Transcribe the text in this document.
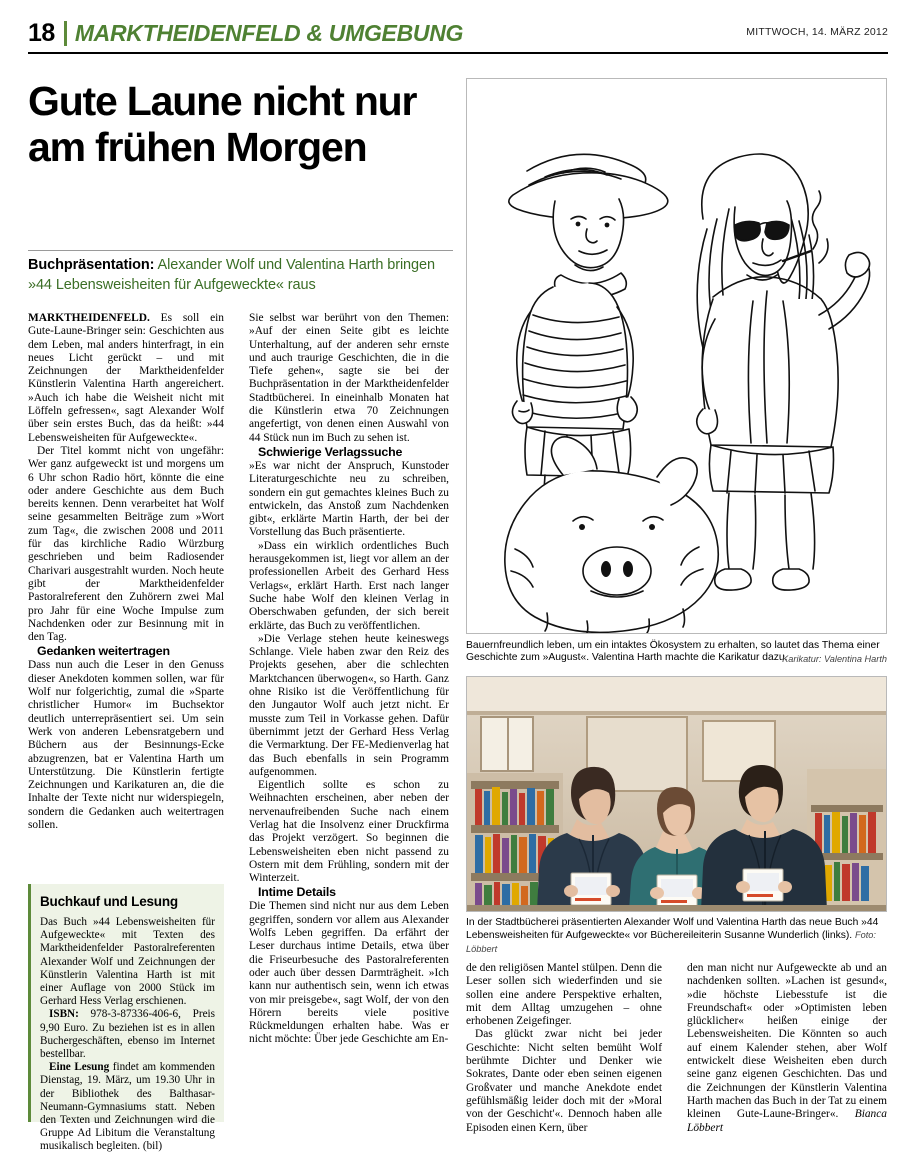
18 MARKTHEIDENFELD & UMGEBUNG	MITTWOCH, 14. MÄRZ 2012
Gute Laune nicht nur am frühen Morgen
Buchpräsentation: Alexander Wolf und Valentina Harth bringen »44 Lebensweisheiten für Aufgeweckte« raus

MARKTHEIDENFELD. Es soll ein Gute-Laune-Bringer sein: Geschichten aus dem Leben, mal anders hinterfragt, in ein neues Licht gerückt – und mit Zeichnungen der Marktheidenfelder Künstlerin Valentina Harth angereichert. »Auch ich habe die Weisheit nicht mit Löffeln gefressen«, sagt Alexander Wolf über sein erstes Buch, das da heißt: »44 Lebensweisheiten für Aufgeweckte«.

Der Titel kommt nicht von ungefähr: Wer ganz aufgeweckt ist und morgens um 6 Uhr schon Radio hört, könnte die eine oder andere Geschichte aus dem Buch bereits kennen. Denn verarbeitet hat Wolf seine gesammelten Beiträge zum »Wort zum Tag«, die zwischen 2008 und 2011 für das kirchliche Radio Würzburg geschrieben und beim Radiosender Charivari ausgestrahlt wurden. Noch heute gibt der Marktheidenfelder Pastoralreferent den Zuhörern zwei Mal pro Jahr für eine Woche Impulse zum Nachdenken oder zur Besinnung mit in den Tag.

Gedanken weitertragen

Dass nun auch die Leser in den Genuss dieser Anekdoten kommen sollen, war für Wolf nur folgerichtig, zumal die »Sparte christlicher Humor« im Buchsektor deutlich unterrepräsentiert sei. Um sein Werk von anderen Lebensratgebern und Büchern aus der Besinnungs-Ecke abzugrenzen, bat er Valentina Harth um Unterstützung. Die Künstlerin fertigte Zeichnungen und Karikaturen an, die die Inhalte der Texte nicht nur widerspiegeln, sondern die Gedanken auch weitertragen sollen.

Sie selbst war berührt von den Themen: »Auf der einen Seite gibt es leichte Unterhaltung, auf der anderen sehr ernste und auch traurige Geschichten, die in die Tiefe gehen«, sagte sie bei der Buchpräsentation in der Marktheidenfelder Stadtbücherei. In eineinhalb Monaten hat die Künstlerin etwa 70 Zeichnungen angefertigt, von denen einen Auswahl von 44 Stück nun im Buch zu sehen ist.

Schwierige Verlagssuche

»Es war nicht der Anspruch, Kunstoder Literaturgeschichte neu zu schreiben, sondern ein gut gemachtes kleines Buch zu entwickeln, das Anstoß zum Nachdenken gibt«, erklärte Martin Harth, der bei der Vorstellung das Buch präsentierte.

»Dass ein wirklich ordentliches Buch herausgekommen ist, liegt vor allem an der professionellen Arbeit des Gerhard Hess Verlags«, erklärt Harth. Erst nach langer Suche habe Wolf den kleinen Verlag in Oberschwaben gefunden, der sich bereit erklärte, das Buch zu veröffentlichen.

»Die Verlage stehen heute keineswegs Schlange. Viele haben zwar den Reiz des Projekts gesehen, aber die schlechten Marktchancen überwogen«, so Harth. Ganz ohne Risiko ist die Veröffentlichung für den Jungautor Wolf auch jetzt nicht. Er musste zum Teil in Vorkasse gehen. Dafür übernimmt jetzt der Gerhard Hess Verlag die Vermarktung. Der FE-Medienverlag hat das Buch ebenfalls in sein Programm aufgenommen.

Eigentlich sollte es schon zu Weihnachten erscheinen, aber neben der nervenaufreibenden Suche nach einem Verlag hat die Insolvenz einer Druckfirma das Projekt verzögert. So beginnen die Lebensweisheiten eben nicht passend zu Ostern mit dem Frühling, sondern mit der Winterzeit.

Intime Details

Die Themen sind nicht nur aus dem Leben gegriffen, sondern vor allem aus Alexander Wolfs Leben gegriffen. Da erfährt der Leser durchaus intime Details, etwa über die Friseurbesuche des Pastoralreferenten oder auch über dessen Darmträgheit. »Ich kann nur authentisch sein, wenn ich etwas von mir preisgebe«, sagt Wolf, der von den Hörern bereits viele positive Rückmeldungen erhalten habe. Was er nicht möchte: Über jede Geschichte am En-

de den religiösen Mantel stülpen. Denn die Leser sollen sich wiederfinden und sie sollen eine andere Perspektive erhalten, mit dem Alltag umzugehen – ohne erhobenen Zeigefinger.

Das glückt zwar nicht bei jeder Geschichte: Nicht selten bemüht Wolf berühmte Dichter und Denker wie Sokrates, Dante oder eben seinen eigenen Großvater und manche Anekdote endet gefühlsmäßig leider doch mit der »Moral von der Geschicht'«. Dennoch haben alle Episoden einen Kern, über

den man nicht nur Aufgeweckte ab und an nachdenken sollten. »Lachen ist gesund«, »die höchste Liebesstufe ist die Freundschaft« oder »Optimisten leben glücklicher« heißen einige der Lebensweisheiten. Die Könnten so auch auf einem Kalender stehen, aber Wolf entwickelt diese Weisheiten eben durch seine ganz eigenen Geschichten. Das und die Zeichnungen der Künstlerin Valentina Harth machen das Buch in der Tat zu einem kleinen Gute-Laune-Bringer«. Bianca Löbbert

Buchkauf und Lesung

Das Buch »44 Lebensweisheiten für Aufgeweckte« mit Texten des Marktheidenfelder Pastoralreferenten Alexander Wolf und Zeichnungen der Künstlerin Valentina Harth ist mit einer Auflage von 2000 Stück im Gerhard Hess Verlag erschienen.

ISBN: 978-3-87336-406-6, Preis 9,90 Euro. Zu beziehen ist es in allen Buchergeschäften, ebenso im Internet bestellbar.

Eine Lesung findet am kommenden Dienstag, 19. März, um 19.30 Uhr in der Bibliothek des Balthasar-Neumann-Gymnasiums statt. Neben den Texten und Zeichnungen wird die Gruppe Ad Libitum die Veranstaltung musikalisch begleiten. (bil)

Bauernfreundlich leben, um ein intaktes Ökosystem zu erhalten, so lautet das Thema einer Geschichte zum »August«. Valentina Harth machte die Karikatur dazu.
Karikatur: Valentina Harth
In der Stadtbücherei präsentierten Alexander Wolf und Valentina Harth das neue Buch »44 Lebensweisheiten für Aufgeweckte« vor Büchereileiterin Susanne Wunderlich (links). Foto: Löbbert
